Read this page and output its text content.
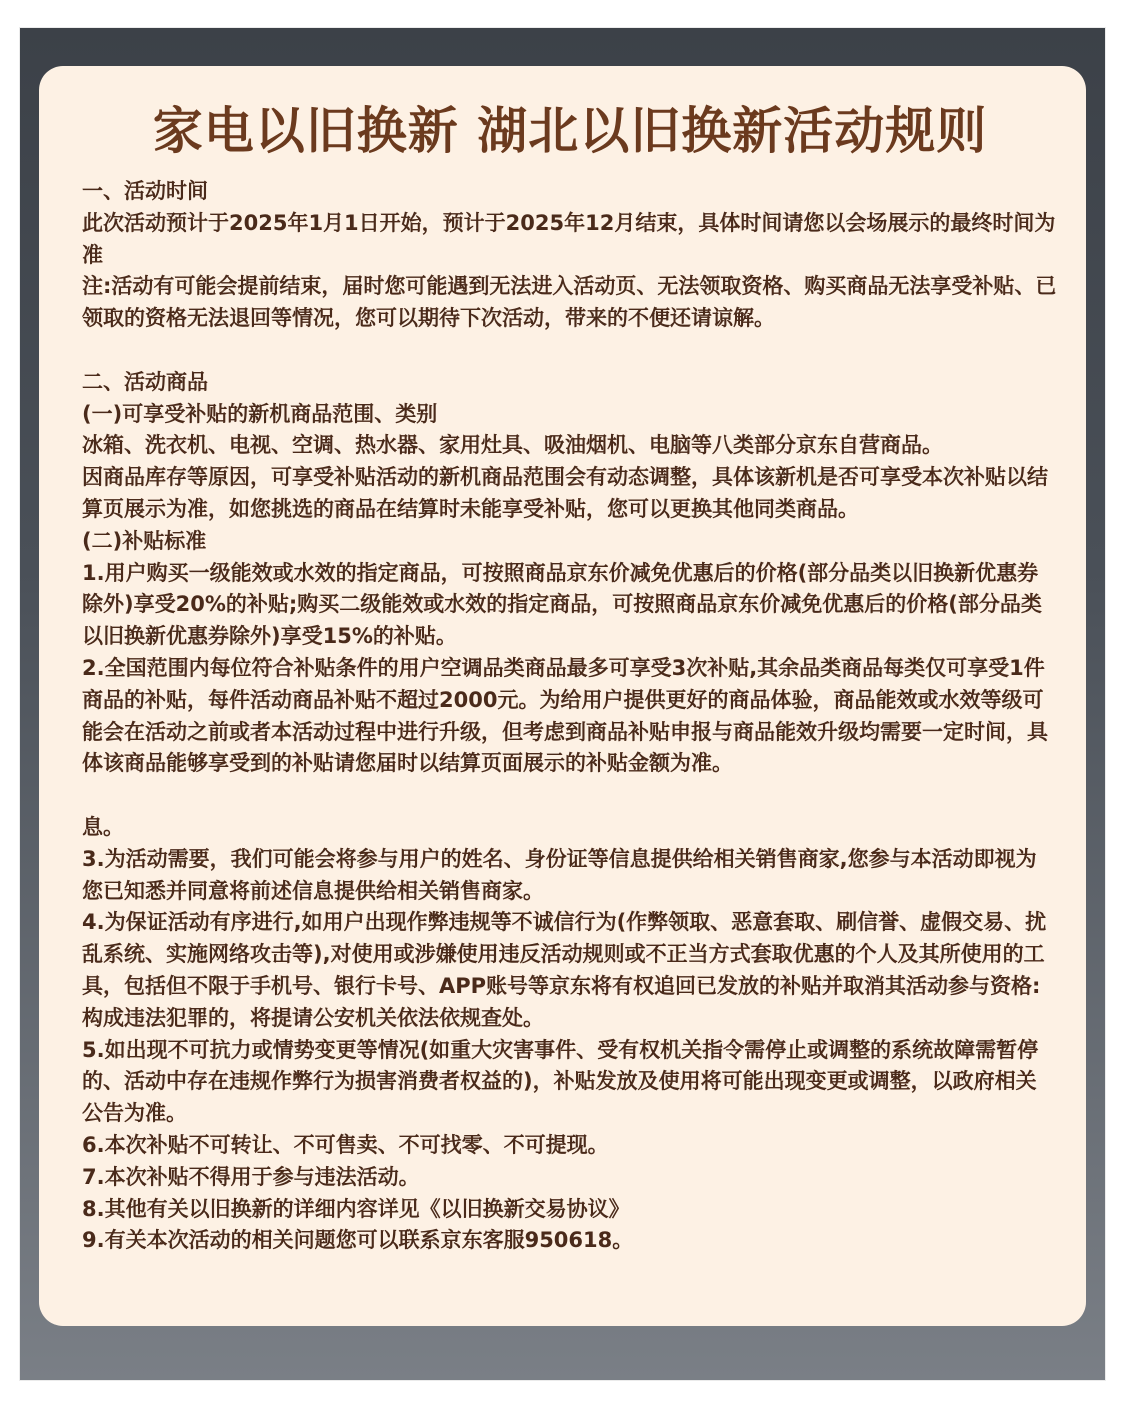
家电以旧换新 湖北以旧换新活动规则

一、活动时间

此次活动预计于2025年1月1日开始，预计于2025年12月结束，具体时间请您以会场展示的最终时间为准

注:活动有可能会提前结束，届时您可能遇到无法进入活动页、无法领取资格、购买商品无法享受补贴、已领取的资格无法退回等情况，您可以期待下次活动，带来的不便还请谅解。

二、活动商品

(一)可享受补贴的新机商品范围、类别

冰箱、洗衣机、电视、空调、热水器、家用灶具、吸油烟机、电脑等八类部分京东自营商品。

因商品库存等原因，可享受补贴活动的新机商品范围会有动态调整，具体该新机是否可享受本次补贴以结算页展示为准，如您挑选的商品在结算时未能享受补贴，您可以更换其他同类商品。

(二)补贴标准

1.用户购买一级能效或水效的指定商品，可按照商品京东价减免优惠后的价格(部分品类以旧换新优惠券除外)享受20%的补贴;购买二级能效或水效的指定商品，可按照商品京东价减免优惠后的价格(部分品类以旧换新优惠券除外)享受15%的补贴。

2.全国范围内每位符合补贴条件的用户空调品类商品最多可享受3次补贴,其余品类商品每类仅可享受1件商品的补贴，每件活动商品补贴不超过2000元。为给用户提供更好的商品体验，商品能效或水效等级可能会在活动之前或者本活动过程中进行升级，但考虑到商品补贴申报与商品能效升级均需要一定时间，具体该商品能够享受到的补贴请您届时以结算页面展示的补贴金额为准。

息。

3.为活动需要，我们可能会将参与用户的姓名、身份证等信息提供给相关销售商家,您参与本活动即视为您已知悉并同意将前述信息提供给相关销售商家。

4.为保证活动有序进行,如用户出现作弊违规等不诚信行为(作弊领取、恶意套取、刷信誉、虚假交易、扰乱系统、实施网络攻击等),对使用或涉嫌使用违反活动规则或不正当方式套取优惠的个人及其所使用的工具，包括但不限于手机号、银行卡号、APP账号等京东将有权追回已发放的补贴并取消其活动参与资格:构成违法犯罪的，将提请公安机关依法依规查处。

5.如出现不可抗力或情势变更等情况(如重大灾害事件、受有权机关指令需停止或调整的系统故障需暂停的、活动中存在违规作弊行为损害消费者权益的)，补贴发放及使用将可能出现变更或调整，以政府相关公告为准。

6.本次补贴不可转让、不可售卖、不可找零、不可提现。

7.本次补贴不得用于参与违法活动。

8.其他有关以旧换新的详细内容详见《以旧换新交易协议》

9.有关本次活动的相关问题您可以联系京东客服950618。
